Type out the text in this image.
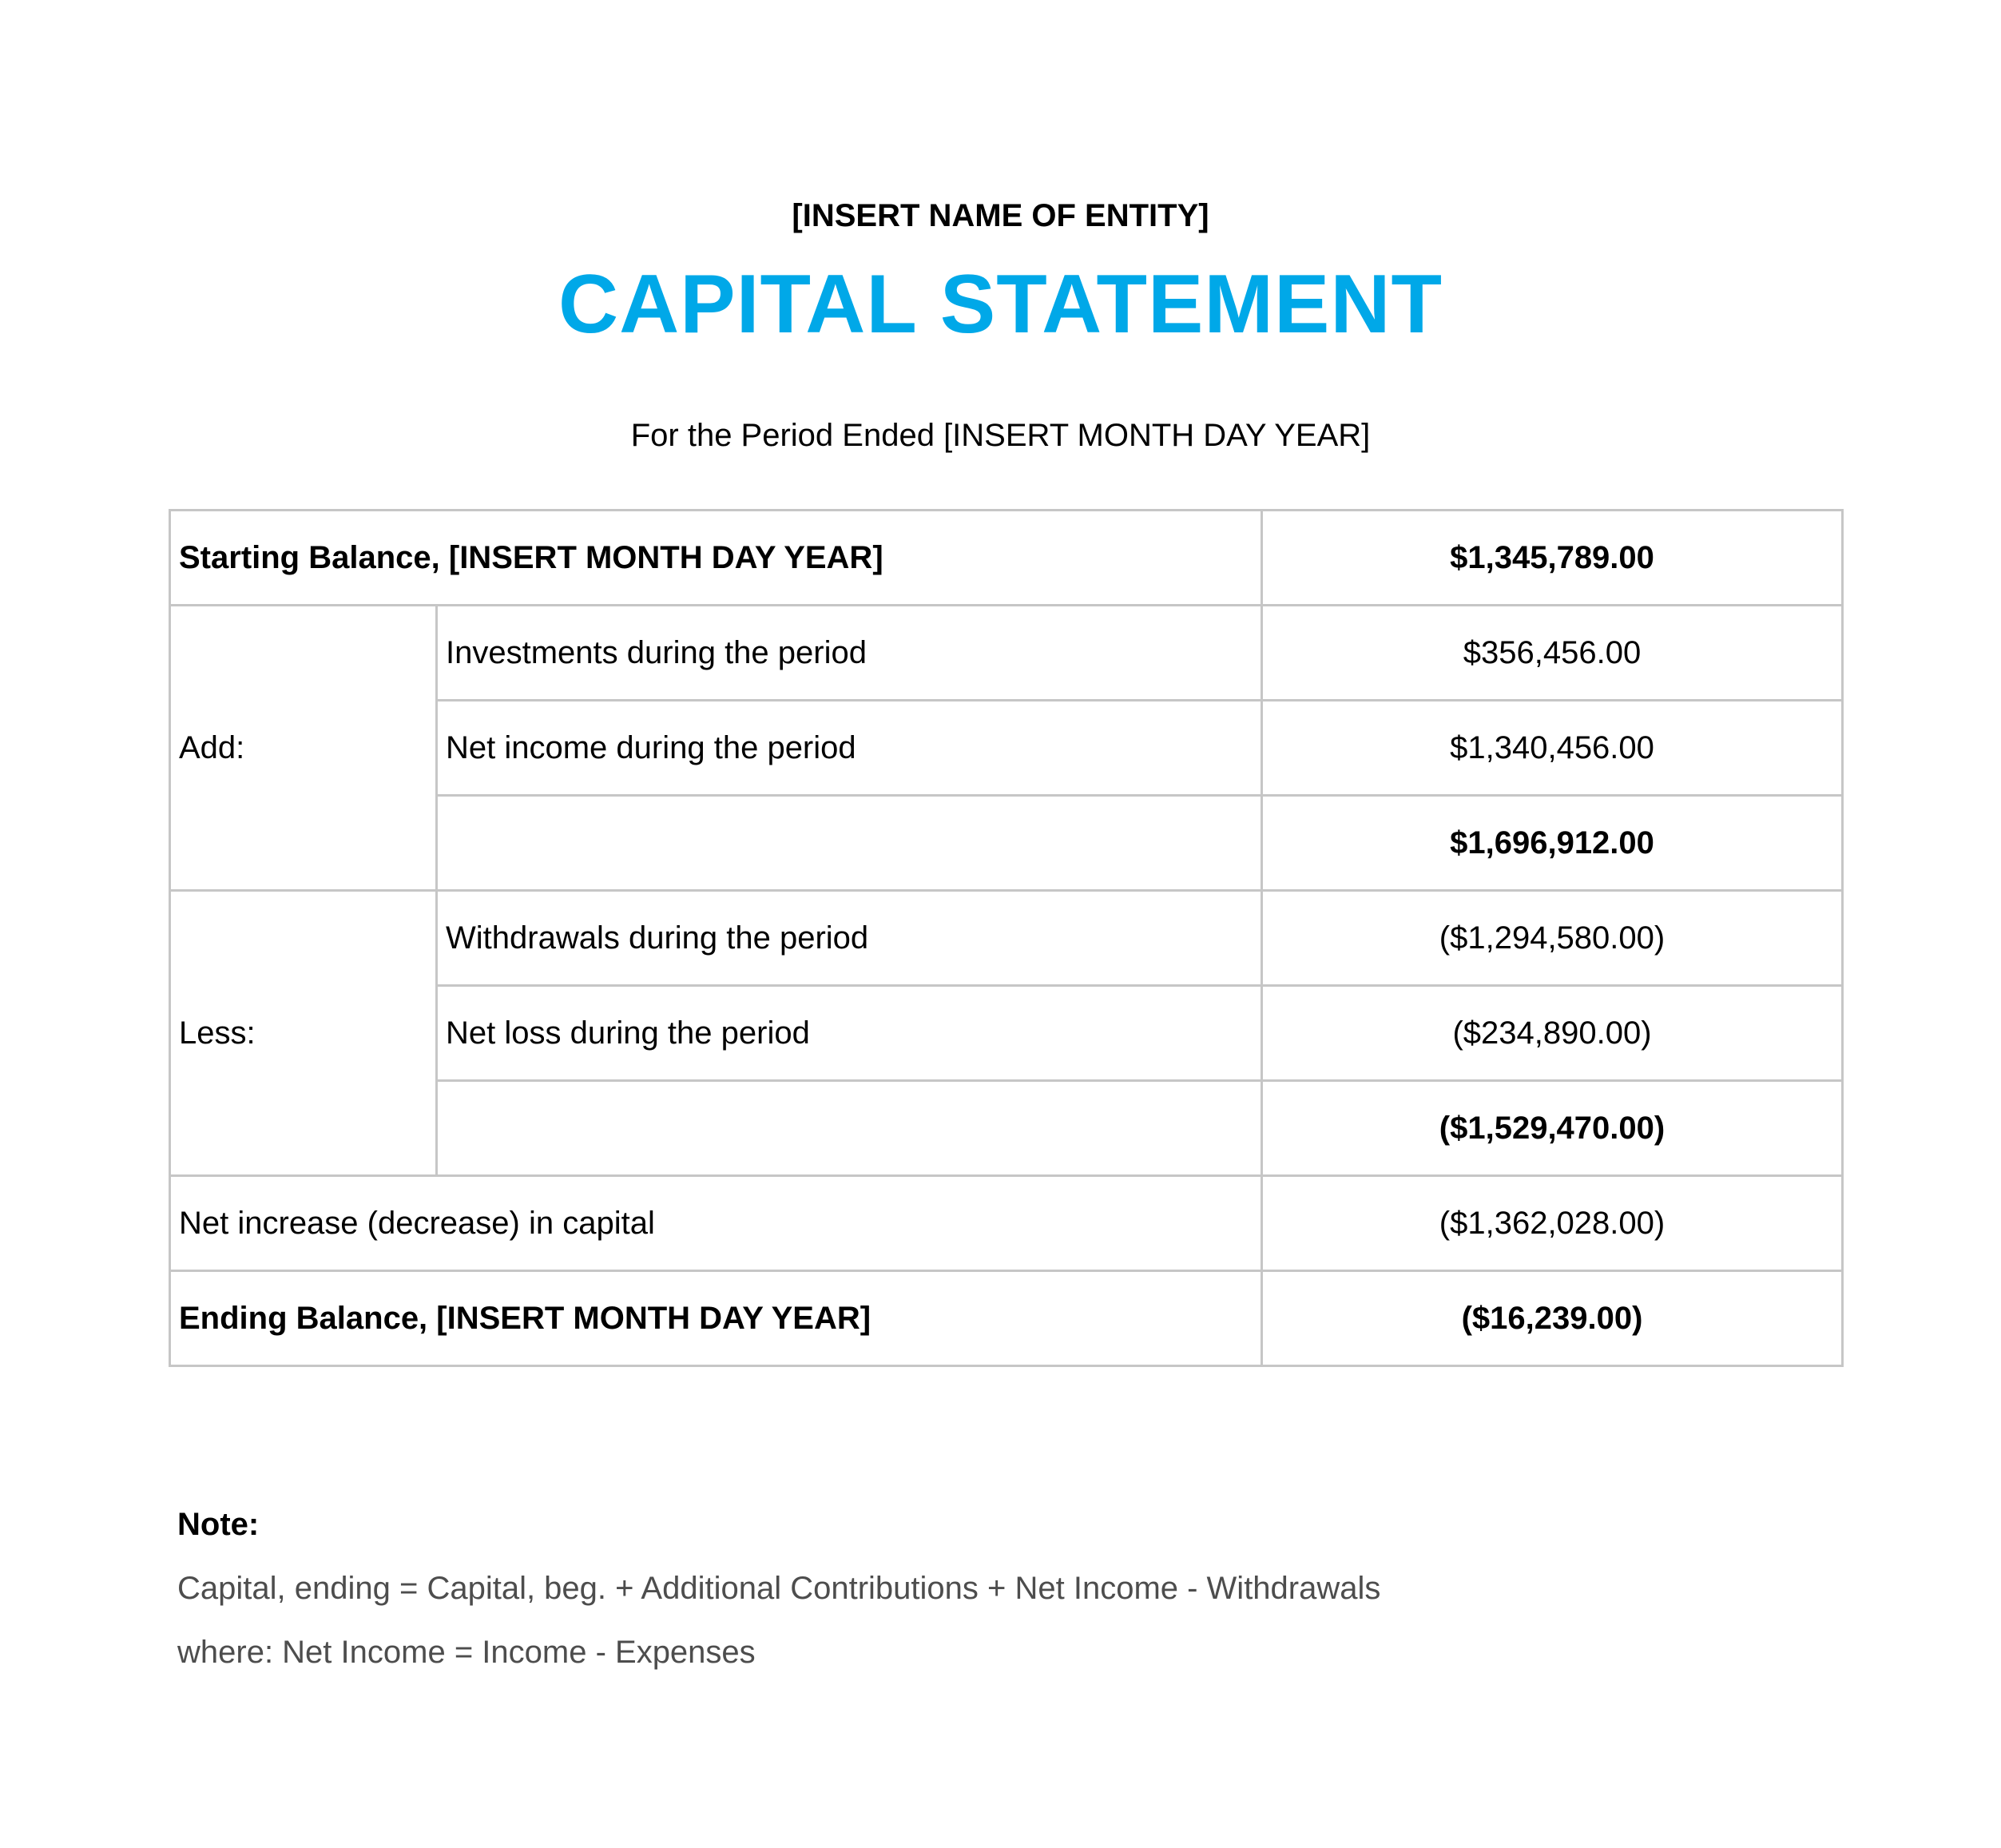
[INSERT NAME OF ENTITY]
CAPITAL STATEMENT
For the Period Ended [INSERT MONTH DAY YEAR]
Starting Balance, [INSERT MONTH DAY YEAR]		$1,345,789.00
Add:	Investments during the period	$356,456.00
	Net income during the period	$1,340,456.00
		$1,696,912.00
Less:	Withdrawals during the period	($1,294,580.00)
	Net loss during the period	($234,890.00)
		($1,529,470.00)
Net increase (decrease) in capital		($1,362,028.00)
Ending Balance, [INSERT MONTH DAY YEAR]		($16,239.00)
Note:
Capital, ending = Capital, beg. + Additional Contributions + Net Income - Withdrawals
where: Net Income = Income - Expenses
